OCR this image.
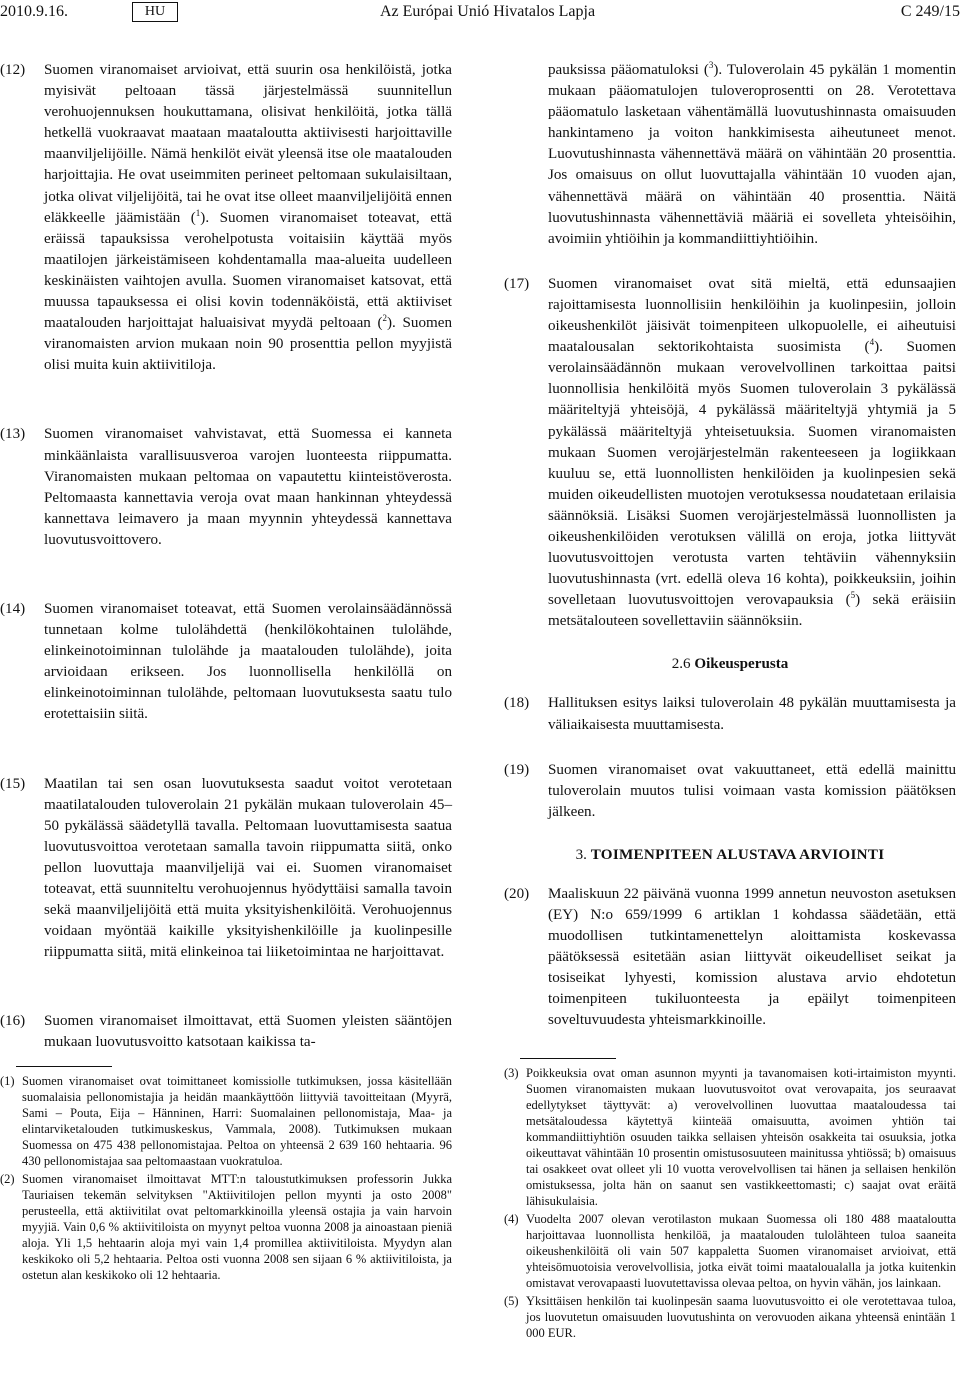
2010.9.16.	HU	Az Európai Unió Hivatalos Lapja	C 249/15
(12)	Suomen viranomaiset arvioivat, että suurin osa henkilöistä, jotka myisivät peltoaan tässä järjestelmässä suunnitellun verohuojennuksen houkuttamana, olisivat henkilöitä, jotka tällä hetkellä vuokraavat maataan maataloutta aktiivisesti harjoittaville maanviljelijöille. Nämä henkilöt eivät yleensä itse ole maatalouden harjoittajia. He ovat useimmiten perineet peltomaan sukulaisiltaan, jotka olivat viljelijöitä, tai he ovat itse olleet maanviljelijöitä ennen eläkkeelle jäämistään ($^1$). Suomen viranomaiset toteavat, että eräissä tapauksissa verohelpotusta voitaisiin käyttää myös maatilojen järkeistämiseen kohdentamalla maa-alueita uudelleen keskinäisten vaihtojen avulla. Suomen viranomaiset katsovat, että muussa tapauksessa ei olisi kovin todennäköistä, että aktiiviset maatalouden harjoittajat haluaisivat myydä peltoaan ($^2$). Suomen viranomaisten arvion mukaan noin 90 prosenttia pellon myyjistä olisi muita kuin aktiivitiloja.
(13)	Suomen viranomaiset vahvistavat, että Suomessa ei kanneta minkäänlaista varallisuusveroa varojen luonteesta riippumatta. Viranomaisten mukaan peltomaa on vapautettu kiinteistöverosta. Peltomaasta kannettavia veroja ovat maan hankinnan yhteydessä kannettava leimavero ja maan myynnin yhteydessä kannettava luovutusvoittovero.
(14)	Suomen viranomaiset toteavat, että Suomen verolainsäädännössä tunnetaan kolme tulolähdettä (henkilökohtainen tulolähde, elinkeinotoiminnan tulolähde ja maatalouden tulolähde), joita arvioidaan erikseen. Jos luonnollisella henkilöllä on elinkeinotoiminnan tulolähde, peltomaan luovutuksesta saatu tulo erotettaisiin siitä.
(15)	Maatilan tai sen osan luovutuksesta saadut voitot verotetaan maatilatalouden tuloverolain 21 pykälän mukaan tuloverolain 45–50 pykälässä säädetyllä tavalla. Peltomaan luovuttamisesta saatua luovutusvoittoa verotetaan samalla tavoin riippumatta siitä, onko pellon luovuttaja maanviljelijä vai ei. Suomen viranomaiset toteavat, että suunniteltu verohuojennus hyödyttäisi samalla tavoin sekä maanviljelijöitä että muita yksityishenkilöitä. Verohuojennus voidaan myöntää kaikille yksityishenkilöille ja kuolinpesille riippumatta siitä, mitä elinkeinoa tai liiketoimintaa ne harjoittavat.
(16)	Suomen viranomaiset ilmoittavat, että Suomen yleisten sääntöjen mukaan luovutusvoitto katsotaan kaikissa ta-
(1) Suomen viranomaiset ovat toimittaneet komissiolle tutkimuksen, jossa käsitellään suomalaisia pellonomistajia ja heidän maankäyttöön liittyviä tavoitteitaan (Myyrä, Sami – Pouta, Eija – Hänninen, Harri: Suomalainen pellonomistaja, Maa- ja elintarviketalouden tutkimuskeskus, Vammala, 2008). Tutkimuksen mukaan Suomessa on 475 438 pellonomistajaa. Peltoa on yhteensä 2 639 160 hehtaaria. 96 430 pellonomistajaa saa peltomaastaan vuokratuloa.
(2) Suomen viranomaiset ilmoittavat MTT:n taloustutkimuksen professorin Jukka Tauriaisen tekemän selvityksen "Aktiivitilojen pellon myynti ja osto 2008" perusteella, että aktiivitilat ovat peltomarkkinoilla yleensä ostajia ja vain harvoin myyjiä. Vain 0,6 % aktiivitiloista on myynyt peltoa vuonna 2008 ja ainoastaan pieniä aloja. Yli 1,5 hehtaarin aloja myi vain 1,4 promillea aktiivitiloista. Myydyn alan keskikoko oli 5,2 hehtaaria. Peltoa osti vuonna 2008 sen sijaan 6 % aktiivitiloista, ja ostetun alan keskikoko oli 12 hehtaaria.
pauksissa pääomatuloksi ($^3$). Tuloverolain 45 pykälän 1 momentin mukaan pääomatulojen tuloveroprosentti on 28. Verotettava pääomatulo lasketaan vähentämällä luovutushinnasta omaisuuden hankintameno ja voiton hankkimisesta aiheutuneet menot. Luovutushinnasta vähennettävä määrä on vähintään 20 prosenttia. Jos omaisuus on ollut luovuttajalla vähintään 10 vuoden ajan, vähennettävä määrä on vähintään 40 prosenttia. Näitä luovutushinnasta vähennettäviä määriä ei sovelleta yhteisöihin, avoimiin yhtiöihin ja kommandiittiyhtiöihin.
(17)	Suomen viranomaiset ovat sitä mieltä, että edunsaajien rajoittamisesta luonnollisiin henkilöihin ja kuolinpesiin, jolloin oikeushenkilöt jäisivät toimenpiteen ulkopuolelle, ei aiheutuisi maatalousalan sektorikohtaista suosimista ($^4$). Suomen verolainsäädännön mukaan verovelvollinen tarkoittaa paitsi luonnollisia henkilöitä myös Suomen tuloverolain 3 pykälässä määriteltyjä yhteisöjä, 4 pykälässä määriteltyjä yhtymiä ja 5 pykälässä määriteltyjä yhteisetuuksia. Suomen viranomaisten mukaan Suomen verojärjestelmän rakenteeseen ja logiikkaan kuuluu se, että luonnollisten henkilöiden ja kuolinpesien sekä muiden oikeudellisten muotojen verotuksessa noudatetaan erilaisia säännöksiä. Lisäksi Suomen verojärjestelmässä luonnollisten ja oikeushenkilöiden verotuksen välillä on eroja, jotka liittyvät luovutusvoittojen verotusta varten tehtäviin vähennyksiin luovutushinnasta (vrt. edellä oleva 16 kohta), poikkeuksiin, joihin sovelletaan luovutusvoittojen verovapauksia ($^5$) sekä eräisiin metsätalouteen sovellettaviin säännöksiin.
2.6 Oikeusperusta
(18)	Hallituksen esitys laiksi tuloverolain 48 pykälän muuttamisesta ja väliaikaisesta muuttamisesta.
(19)	Suomen viranomaiset ovat vakuuttaneet, että edellä mainittu tuloverolain muutos tulisi voimaan vasta komission päätöksen jälkeen.
3. TOIMENPITEEN ALUSTAVA ARVIOINTI
(20)	Maaliskuun 22 päivänä vuonna 1999 annetun neuvoston asetuksen (EY) N:o 659/1999 6 artiklan 1 kohdassa säädetään, että muodollisen tutkintamenettelyn aloittamista koskevassa päätöksessä esitetään asian liittyvät oikeudelliset seikat ja tosiseikat lyhyesti, komission alustava arvio ehdotetun toimenpiteen tukiluonteesta ja epäilyt toimenpiteen soveltuvuudesta yhteismarkkinoille.
(3) Poikkeuksia ovat oman asunnon myynti ja tavanomaisen koti-irtaimiston myynti. Suomen viranomaisten mukaan luovutusvoitot ovat verovapaita, jos seuraavat edellytykset täyttyvät: a) verovelvollinen luovuttaa maataloudessa tai metsätaloudessa käytettyä kiinteää omaisuutta, avoimen yhtiön tai kommandiittiyhtiön osuuden taikka sellaisen yhteisön osakkeita tai osuuksia, jotka oikeuttavat vähintään 10 prosentin omistusosuuteen mainitussa yhtiössä; b) omaisuus tai osakkeet ovat olleet yli 10 vuotta verovelvollisen tai hänen ja sellaisen henkilön omistuksessa, jolta hän on saanut sen vastikkeettomasti; c) saajat ovat eräitä lähisukulaisia.
(4) Vuodelta 2007 olevan verotilaston mukaan Suomessa oli 180 488 maataloutta harjoittavaa luonnollista henkilöä, ja maatalouden tulolähteen tuloa saaneita oikeushenkilöitä oli vain 507 kappaletta Suomen viranomaiset arvioivat, että yhteisömuotoisia verovelvollisia, jotka eivät toimi maataloualalla ja jotka kuitenkin omistavat verovapaasti luovutettavissa olevaa peltoa, on hyvin vähän, jos lainkaan.
(5) Yksittäisen henkilön tai kuolinpesän saama luovutusvoitto ei ole verotettavaa tuloa, jos luovutetun omaisuuden luovutushinta on verovuoden aikana yhteensä enintään 1 000 EUR.
